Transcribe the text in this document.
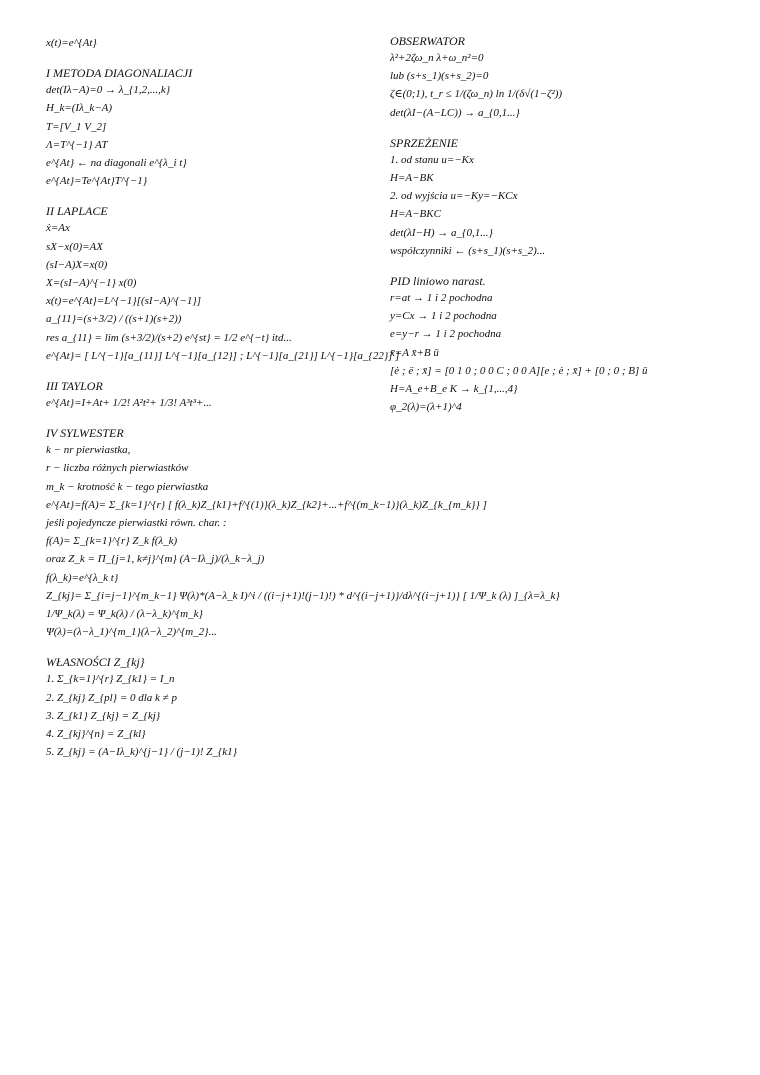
x(t)=e^{At}
I METODA DIAGONALIACJI
det(Iλ−A)=0 → λ_{1,2,...,k}
H_k=(Iλ_k−A)
T=[V_1 V_2]
Λ=T^{−1} AT
e^{At} ← na diagonali e^{λ_i t}
e^{At}=Te^{At}T^{−1}
II LAPLACE
ẋ=Ax
sX−x(0)=AX
(sI−A)X=x(0)
X=(sI−A)^{−1} x(0)
x(t)=e^{At}=L^{−1}[(sI−A)^{−1}]
a_{11}=(s+3/2) / ((s+1)(s+2))
res a_{11} = lim (s+3/2)/(s+2) e^{st} = 1/2 e^{−t} itd...
e^{At}= [ L^{−1}[a_{11}] L^{−1}[a_{12}] ; L^{−1}[a_{21}] L^{−1}[a_{22}] ]
III TAYLOR
e^{At}=I+At+ 1/2! A²t²+ 1/3! A³t³+...
IV SYLWESTER
k − nr pierwiastka,
r − liczba różnych pierwiastków
m_k − krotność k − tego pierwiastka
e^{At}=f(A)= Σ_{k=1}^{r} [ f(λ_k)Z_{k1}+f^{(1)}(λ_k)Z_{k2}+...+f^{(m_k−1)}(λ_k)Z_{k_{m_k}} ]
jeśli pojedyncze pierwiastki równ. char. :
f(A)= Σ_{k=1}^{r} Z_k f(λ_k)
oraz Z_k = Π_{j=1, k≠j}^{m} (A−Iλ_j)/(λ_k−λ_j)
f(λ_k)=e^{λ_k t}
Z_{kj}= Σ_{i=j−1}^{m_k−1} Ψ(λ)*(A−λ_k I)^i / ((i−j+1)!(j−1)!) * d^{(i−j+1)}/dλ^{(i−j+1)} [ 1/Ψ_k (λ) ]_{λ=λ_k}
1/Ψ_k(λ) = Ψ_k(λ) / (λ−λ_k)^{m_k}
Ψ(λ)=(λ−λ_1)^{m_1}(λ−λ_2)^{m_2}...
WŁASNOŚCI Z_{kj}
1. Σ_{k=1}^{r} Z_{k1} = I_n
2. Z_{kj} Z_{pl} = 0 dla k ≠ p
3. Z_{k1} Z_{kj} = Z_{kj}
4. Z_{kj}^{n} = Z_{kl}
5. Z_{kj} = (A−Iλ_k)^{j−1} / (j−1)! Z_{k1}
OBSERWATOR
λ²+2ζω_n λ+ω_n²=0
lub (s+s_1)(s+s_2)=0
ζ∈(0;1), t_r ≤ 1/(ζω_n) ln 1/(δ√(1−ζ²))
det(λI−(A−LC)) → a_{0,1...}
SPRZEŻENIE
1. od stanu u=−Kx
H=A−BK
2. od wyjścia u=−Ky=−KCx
H=A−BKC
det(λI−H) → a_{0,1...}
współczynniki ← (s+s_1)(s+s_2)...
PID liniowo narast.
r=at → 1 i 2 pochodna
y=Cx → 1 i 2 pochodna
e=y−r → 1 i 2 pochodna
x̄=A x̄+B ū
[ė ; ë ; x̄] = [0 1 0 ; 0 0 C ; 0 0 A][e ; ė ; x̄] + [0 ; 0 ; B] ū
H=A_e+B_e K → k_{1,...,4}
φ_2(λ)=(λ+1)^4
